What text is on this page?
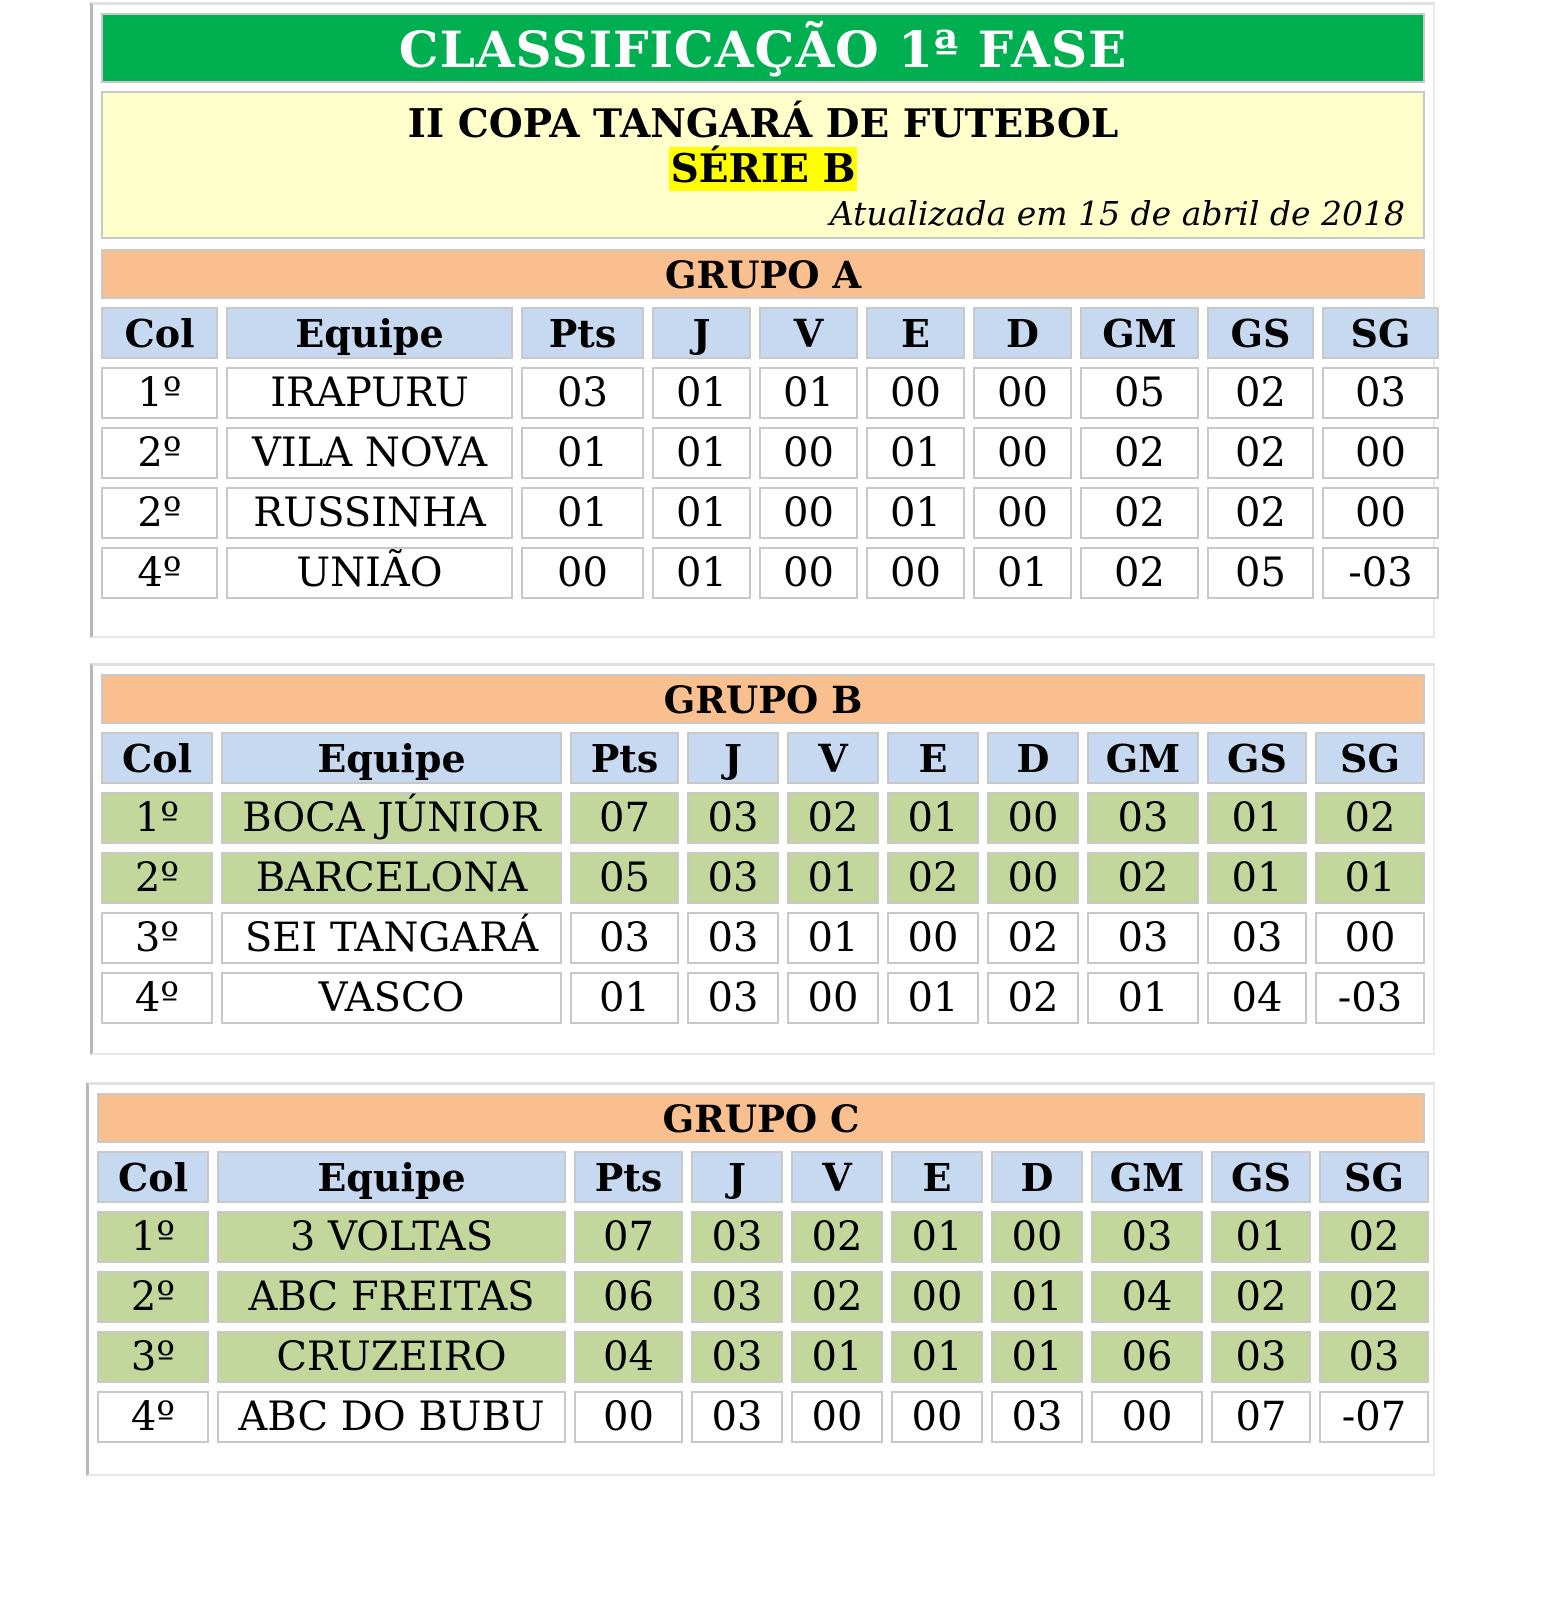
CLASSIFICAÇÃO 1ª FASE
II COPA TANGARÁ DE FUTEBOL
SÉRIE B
Atualizada em 15 de abril de 2018
GRUPO A
Col	Equipe	Pts	J	V	E	D	GM	GS	SG
1º	IRAPURU	03	01	01	00	00	05	02	03
2º	VILA NOVA	01	01	00	01	00	02	02	00
2º	RUSSINHA	01	01	00	01	00	02	02	00
4º	UNIÃO	00	01	00	00	01	02	05	-03
GRUPO B
Col	Equipe	Pts	J	V	E	D	GM	GS	SG
1º	BOCA JÚNIOR	07	03	02	01	00	03	01	02
2º	BARCELONA	05	03	01	02	00	02	01	01
3º	SEI TANGARÁ	03	03	01	00	02	03	03	00
4º	VASCO	01	03	00	01	02	01	04	-03
GRUPO C
Col	Equipe	Pts	J	V	E	D	GM	GS	SG
1º	3 VOLTAS	07	03	02	01	00	03	01	02
2º	ABC FREITAS	06	03	02	00	01	04	02	02
3º	CRUZEIRO	04	03	01	01	01	06	03	03
4º	ABC DO BUBU	00	03	00	00	03	00	07	-07
